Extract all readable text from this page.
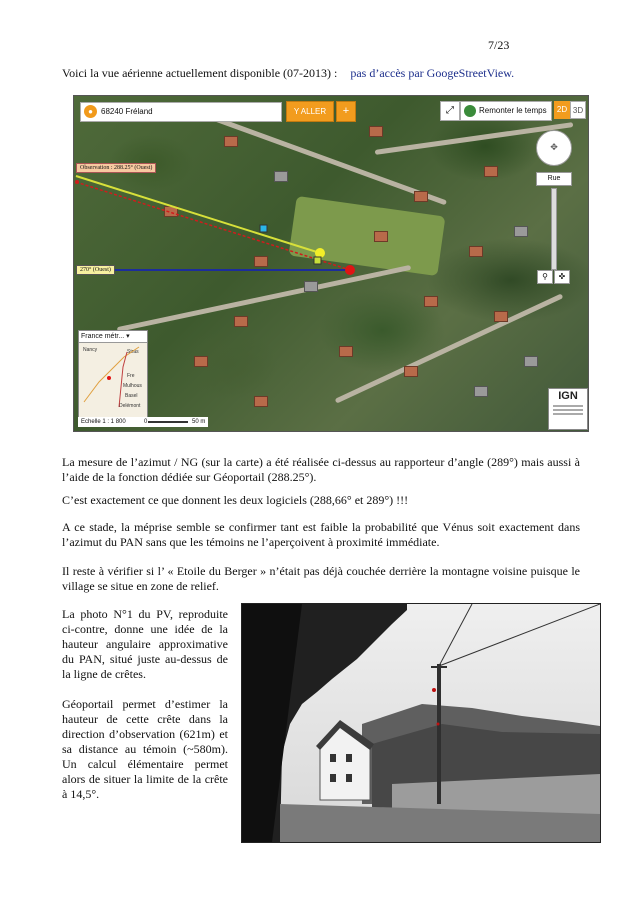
7/23
Voici la vue aérienne actuellement disponible (07-2013) : pas d’accès par GoogeStreetView.
● 68240 Fréland	Y ALLER	+	⤢	Remonter le temps	2D 3D
✥
Rue
⚲	✜
Observation : 288.25° (Ouest)
270° (Ouest)
France métr... ▾
Nancy	Stras
Fre
Mulhous
Basel
Delémont
Echelle 1 : 1 800	0	50 m
IGN
La mesure de l’azimut / NG (sur la carte) a été réalisée ci-dessus au rapporteur d’angle (289°) mais aussi à l’aide de la fonction dédiée sur Géoportail (288.25°).
C’est exactement ce que donnent les deux logiciels (288,66° et 289°) !!!
A ce stade, la méprise semble se confirmer tant est faible la probabilité que Vénus soit exactement dans l’azimut du PAN sans que les témoins ne l’aperçoivent à proximité immédiate.
Il reste à vérifier si l’ « Etoile du Berger » n’était pas déjà couchée derrière la montagne voisine puisque le village se situe en zone de relief.
La photo N°1 du PV, reproduite ci-contre, donne une idée de la hauteur angulaire approximative du PAN, situé juste au-dessus de la ligne de crêtes.
Géoportail permet d’estimer la hauteur de cette crête dans la direction d’observation (621m) et sa distance au témoin (~580m). Un calcul élémentaire permet alors de situer la limite de la crête à 14,5°.
